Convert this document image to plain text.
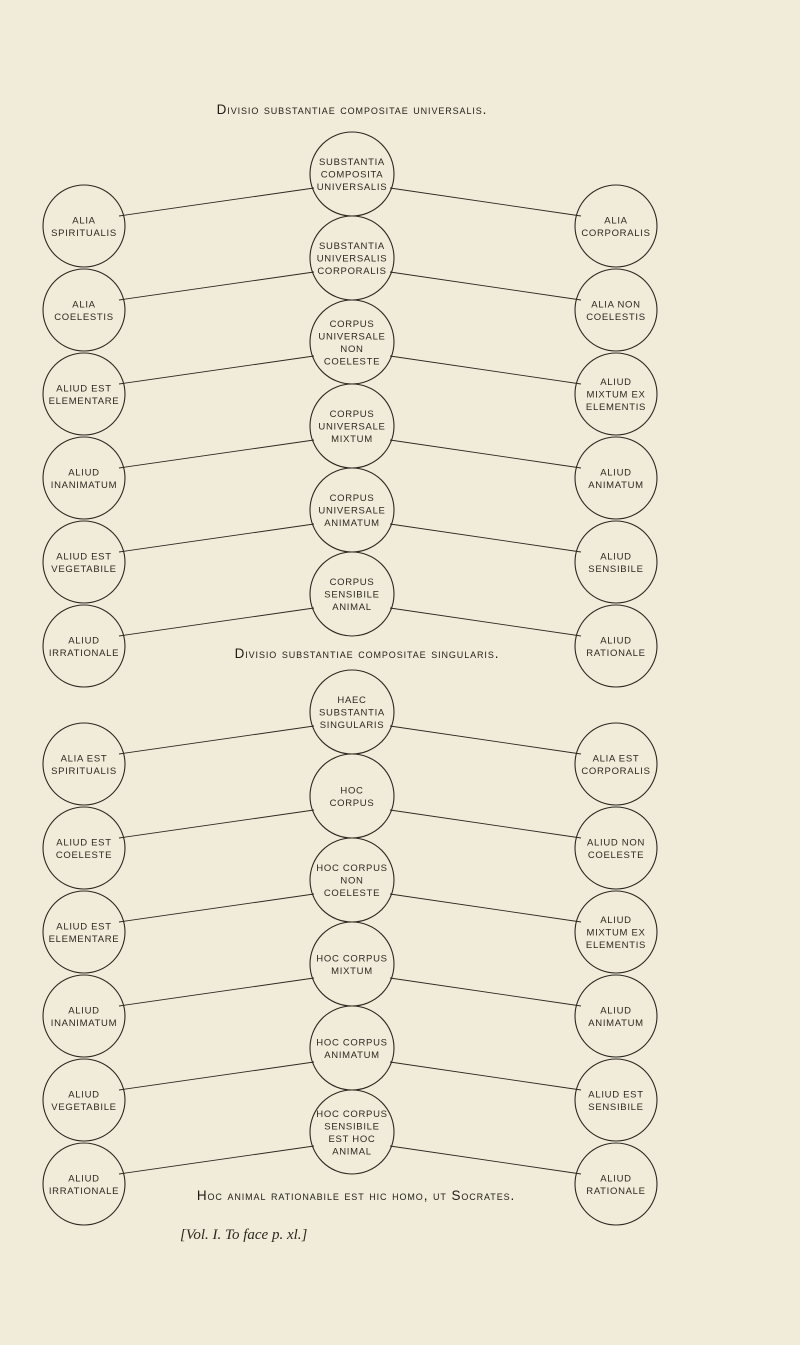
Divisio substantiae compositae universalis.
ALIA
SPIRITUALIS
ALIA
COELESTIS
ALIUD EST
ELEMENTARE
ALIUD
INANIMATUM
ALIUD EST
VEGETABILE
ALIUD
IRRATIONALE
SUBSTANTIA
COMPOSITA
UNIVERSALIS
SUBSTANTIA
UNIVERSALIS
CORPORALIS
CORPUS
UNIVERSALE
NON
COELESTE
CORPUS
UNIVERSALE
MIXTUM
CORPUS
UNIVERSALE
ANIMATUM
CORPUS
SENSIBILE
ANIMAL
ALIA
CORPORALIS
ALIA NON
COELESTIS
ALIUD
MIXTUM EX
ELEMENTIS
ALIUD
ANIMATUM
ALIUD
SENSIBILE
ALIUD
RATIONALE
Divisio substantiae compositae singularis.
ALIA EST
SPIRITUALIS
ALIUD EST
COELESTE
ALIUD EST
ELEMENTARE
ALIUD
INANIMATUM
ALIUD
VEGETABILE
ALIUD
IRRATIONALE
HAEC
SUBSTANTIA
SINGULARIS
HOC
CORPUS
HOC CORPUS
NON
COELESTE
HOC CORPUS
MIXTUM
HOC CORPUS
ANIMATUM
HOC CORPUS
SENSIBILE
EST HOC
ANIMAL
ALIA EST
CORPORALIS
ALIUD NON
COELESTE
ALIUD
MIXTUM EX
ELEMENTIS
ALIUD
ANIMATUM
ALIUD EST
SENSIBILE
ALIUD
RATIONALE
Hoc animal rationabile est hic homo, ut Socrates.
[Vol. I. To face p. xl.]
